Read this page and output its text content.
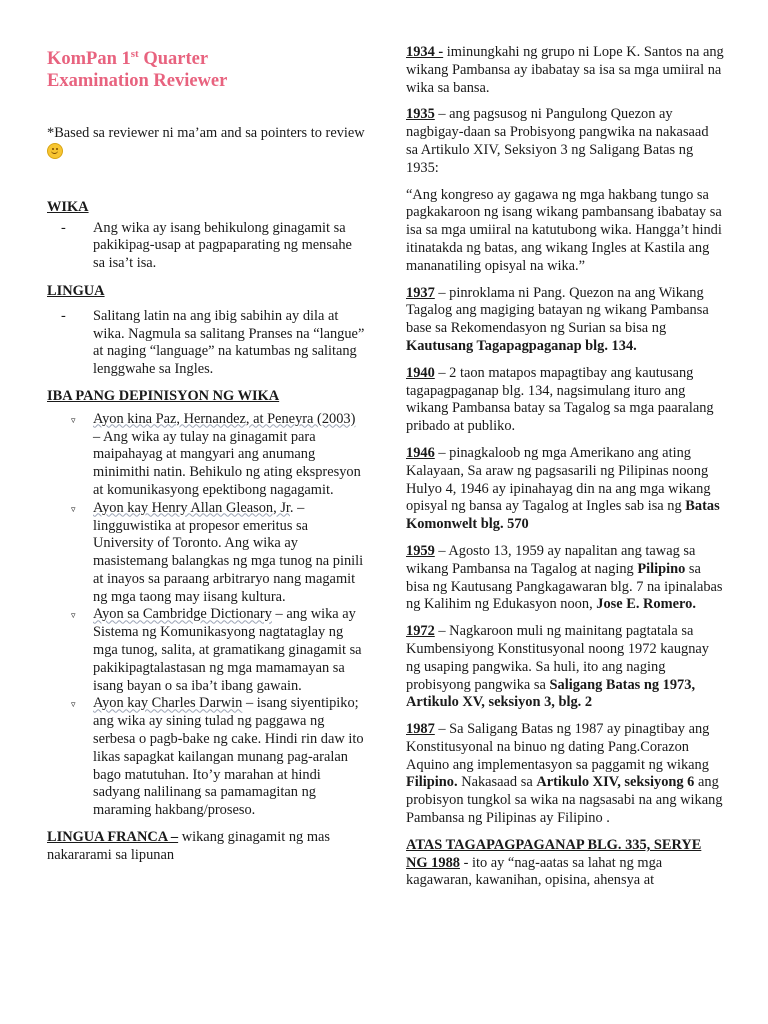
KomPan 1st Quarter
Examination Reviewer

*Based sa reviewer ni ma’am and sa pointers to review

WIKA

- Ang wika ay isang behikulong ginagamit sa pakikipag-usap at pagpaparating ng mensahe sa isa’t isa.

LINGUA

- Salitang latin na ang ibig sabihin ay dila at wika. Nagmula sa salitang Pranses na “langue” at naging “language” na katumbas ng salitang lenggwahe sa Ingles.

IBA PANG DEPINISYON NG WIKA

▿ Ayon kina Paz, Hernandez, at Peneyra (2003) – Ang wika ay tulay na ginagamit para maipahayag at mangyari ang anumang minimithi natin. Behikulo ng ating ekspresyon at komunikasyong epektibong nagagamit.

▿ Ayon kay Henry Allan Gleason, Jr. – lingguwistika at propesor emeritus sa University of Toronto. Ang wika ay masistemang balangkas ng mga tunog na pinili at inayos sa paraang arbitraryo nang magamit ng mga taong may iisang kultura.

▿ Ayon sa Cambridge Dictionary – ang wika ay Sistema ng Komunikasyong nagtataglay ng mga tunog, salita, at gramatikang ginagamit sa pakikipagtalastasan ng mga mamamayan sa isang bayan o sa iba’t ibang gawain.

▿ Ayon kay Charles Darwin – isang siyentipiko; ang wika ay sining tulad ng paggawa ng serbesa o pagb-bake ng cake. Hindi rin daw ito likas sapagkat kailangan munang pag-aralan bago matutuhan. Ito’y marahan at hindi sadyang nalilinang sa pamamagitan ng maraming hakbang/proseso.

LINGUA FRANCA – wikang ginagamit ng mas nakararami sa lipunan

1934 - iminungkahi ng grupo ni Lope K. Santos na ang wikang Pambansa ay ibabatay sa isa sa mga umiiral na wika sa bansa.

1935 – ang pagsusog ni Pangulong Quezon ay nagbigay-daan sa Probisyong pangwika na nakasaad sa Artikulo XIV, Seksiyon 3 ng Saligang Batas ng 1935:

“Ang kongreso ay gagawa ng mga hakbang tungo sa pagkakaroon ng isang wikang pambansang ibabatay sa isa sa mga umiiral na katutubong wika. Hangga’t hindi itinatakda ng batas, ang wikang Ingles at Kastila ang mananatiling opisyal na wika.”

1937 – pinroklama ni Pang. Quezon na ang Wikang Tagalog ang magiging batayan ng wikang Pambansa base sa Rekomendasyon ng Surian sa bisa ng Kautusang Tagapagpaganap blg. 134.

1940 – 2 taon matapos mapagtibay ang kautusang tagapagpaganap blg. 134, nagsimulang ituro ang wikang Pambansa batay sa Tagalog sa mga paaralang pribado at publiko.

1946 – pinagkaloob ng mga Amerikano ang ating Kalayaan, Sa araw ng pagsasarili ng Pilipinas noong Hulyo 4, 1946 ay ipinahayag din na ang mga wikang opisyal ng bansa ay Tagalog at Ingles sab isa ng Batas Komonwelt blg. 570

1959 – Agosto 13, 1959 ay napalitan ang tawag sa wikang Pambansa na Tagalog at naging Pilipino sa bisa ng Kautusang Pangkagawaran blg. 7 na ipinalabas ng Kalihim ng Edukasyon noon, Jose E. Romero.

1972 – Nagkaroon muli ng mainitang pagtatala sa Kumbensiyong Konstitusyonal noong 1972 kaugnay ng usaping pangwika. Sa huli, ito ang naging probisyong pangwika sa Saligang Batas ng 1973, Artikulo XV, seksiyon 3, blg. 2

1987 – Sa Saligang Batas ng 1987 ay pinagtibay ang Konstitusyonal na binuo ng dating Pang.Corazon Aquino ang implementasyon sa paggamit ng wikang Filipino. Nakasaad sa Artikulo XIV, seksiyong 6 ang probisyon tungkol sa wika na nagsasabi na ang wikang Pambansa ng Pilipinas ay Filipino .

ATAS TAGAPAGPAGANAP BLG. 335, SERYE NG 1988 - ito ay “nag-aatas sa lahat ng mga kagawaran, kawanihan, opisina, ahensya at
